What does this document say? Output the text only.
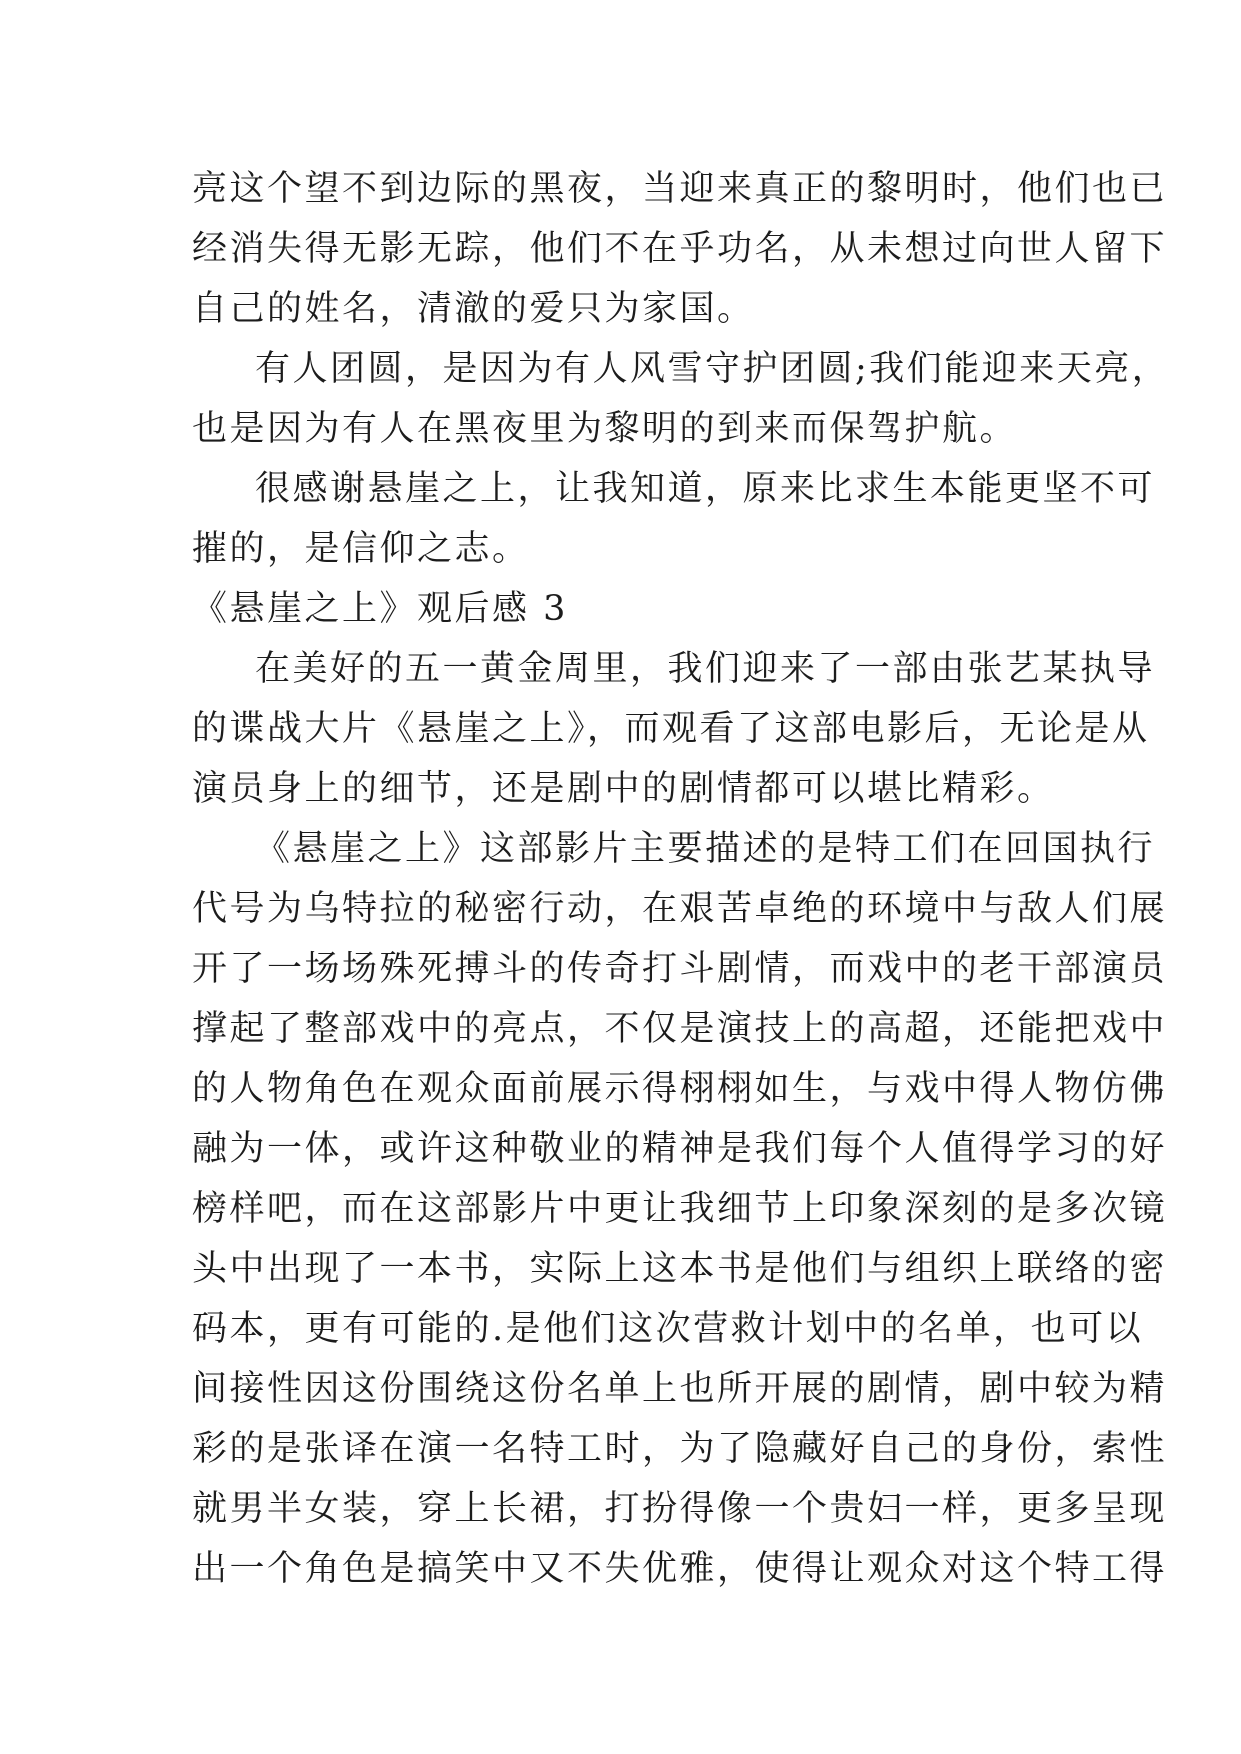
亮这个望不到边际的黑夜，当迎来真正的黎明时，他们也已
经消失得无影无踪，他们不在乎功名，从未想过向世人留下
自己的姓名，清澈的爱只为家国。
有人团圆，是因为有人风雪守护团圆;我们能迎来天亮，
也是因为有人在黑夜里为黎明的到来而保驾护航。
很感谢悬崖之上，让我知道，原来比求生本能更坚不可
摧的，是信仰之志。
《悬崖之上》观后感 3
在美好的五一黄金周里，我们迎来了一部由张艺某执导
的谍战大片《悬崖之上》，而观看了这部电影后，无论是从
演员身上的细节，还是剧中的剧情都可以堪比精彩。
《悬崖之上》这部影片主要描述的是特工们在回国执行
代号为乌特拉的秘密行动，在艰苦卓绝的环境中与敌人们展
开了一场场殊死搏斗的传奇打斗剧情，而戏中的老干部演员
撑起了整部戏中的亮点，不仅是演技上的高超，还能把戏中
的人物角色在观众面前展示得栩栩如生，与戏中得人物仿佛
融为一体，或许这种敬业的精神是我们每个人值得学习的好
榜样吧，而在这部影片中更让我细节上印象深刻的是多次镜
头中出现了一本书，实际上这本书是他们与组织上联络的密
码本，更有可能的.是他们这次营救计划中的名单，也可以
间接性因这份围绕这份名单上也所开展的剧情，剧中较为精
彩的是张译在演一名特工时，为了隐藏好自己的身份，索性
就男半女装，穿上长裙，打扮得像一个贵妇一样，更多呈现
出一个角色是搞笑中又不失优雅，使得让观众对这个特工得
